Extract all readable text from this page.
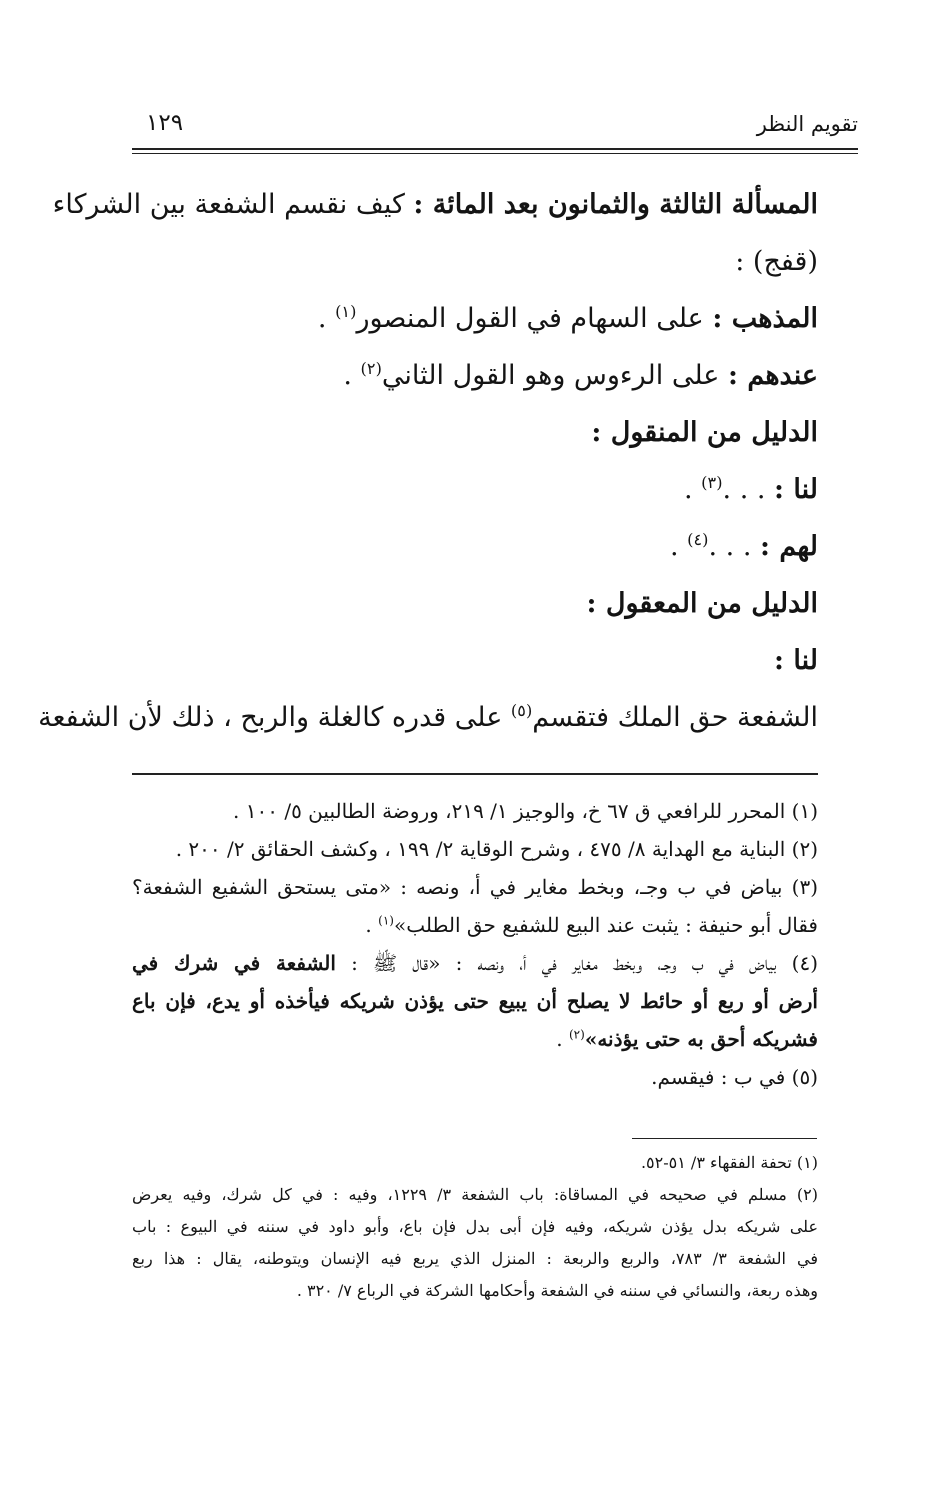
تقويم النظر
١٢٩
المسألة الثالثة والثمانون بعد المائة : كيف نقسم الشفعة بين الشركاء
(قفج) :
المذهب : على السهام في القول المنصور$^{(١)}$ .
عندهم : على الرءوس وهو القول الثاني$^{(٢)}$ .
الدليل من المنقول :
لنا : . . .$^{(٣)}$ .
لهم : . . .$^{(٤)}$ .
الدليل من المعقول :
لنا :
الشفعة حق الملك فتقسم$^{(٥)}$ على قدره كالغلة والربح ، ذلك لأن الشفعة
(١) المحرر للرافعي ق ٦٧ خ، والوجيز ١/ ٢١٩، وروضة الطالبين ٥/ ١٠٠ .
(٢) البناية مع الهداية ٨/ ٤٧٥ ، وشرح الوقاية ٢/ ١٩٩ ، وكشف الحقائق ٢/ ٢٠٠ .
(٣) بياض في ب وجـ، وبخط مغاير في أ، ونصه : «متى يستحق الشفيع الشفعة؟
فقال أبو حنيفة : يثبت عند البيع للشفيع حق الطلب»$^{(١)}$ .
(٤) بياض في ب وجـ، وبخط مغاير في أ، ونصه : «قال ﷺ : الشفعة في شرك في
أرض أو ربع أو حائط لا يصلح أن يبيع حتى يؤذن شريكه فيأخذه أو يدع، فإن باع
فشريكه أحق به حتى يؤذنه»$^{(٢)}$ .
(٥) في ب : فيقسم.
(١) تحفة الفقهاء ٣/ ٥١-٥٢.
(٢) مسلم في صحيحه في المساقاة: باب الشفعة ٣/ ١٢٢٩، وفيه : في كل شرك، وفيه يعرض
على شريكه بدل يؤذن شريكه، وفيه فإن أبى بدل فإن باع، وأبو داود في سننه في البيوع : باب
في الشفعة ٣/ ٧٨٣، والربع والربعة : المنزل الذي يربع فيه الإنسان ويتوطنه، يقال : هذا ربع
وهذه ربعة، والنسائي في سننه في الشفعة وأحكامها الشركة في الرباع ٧/ ٣٢٠ .
